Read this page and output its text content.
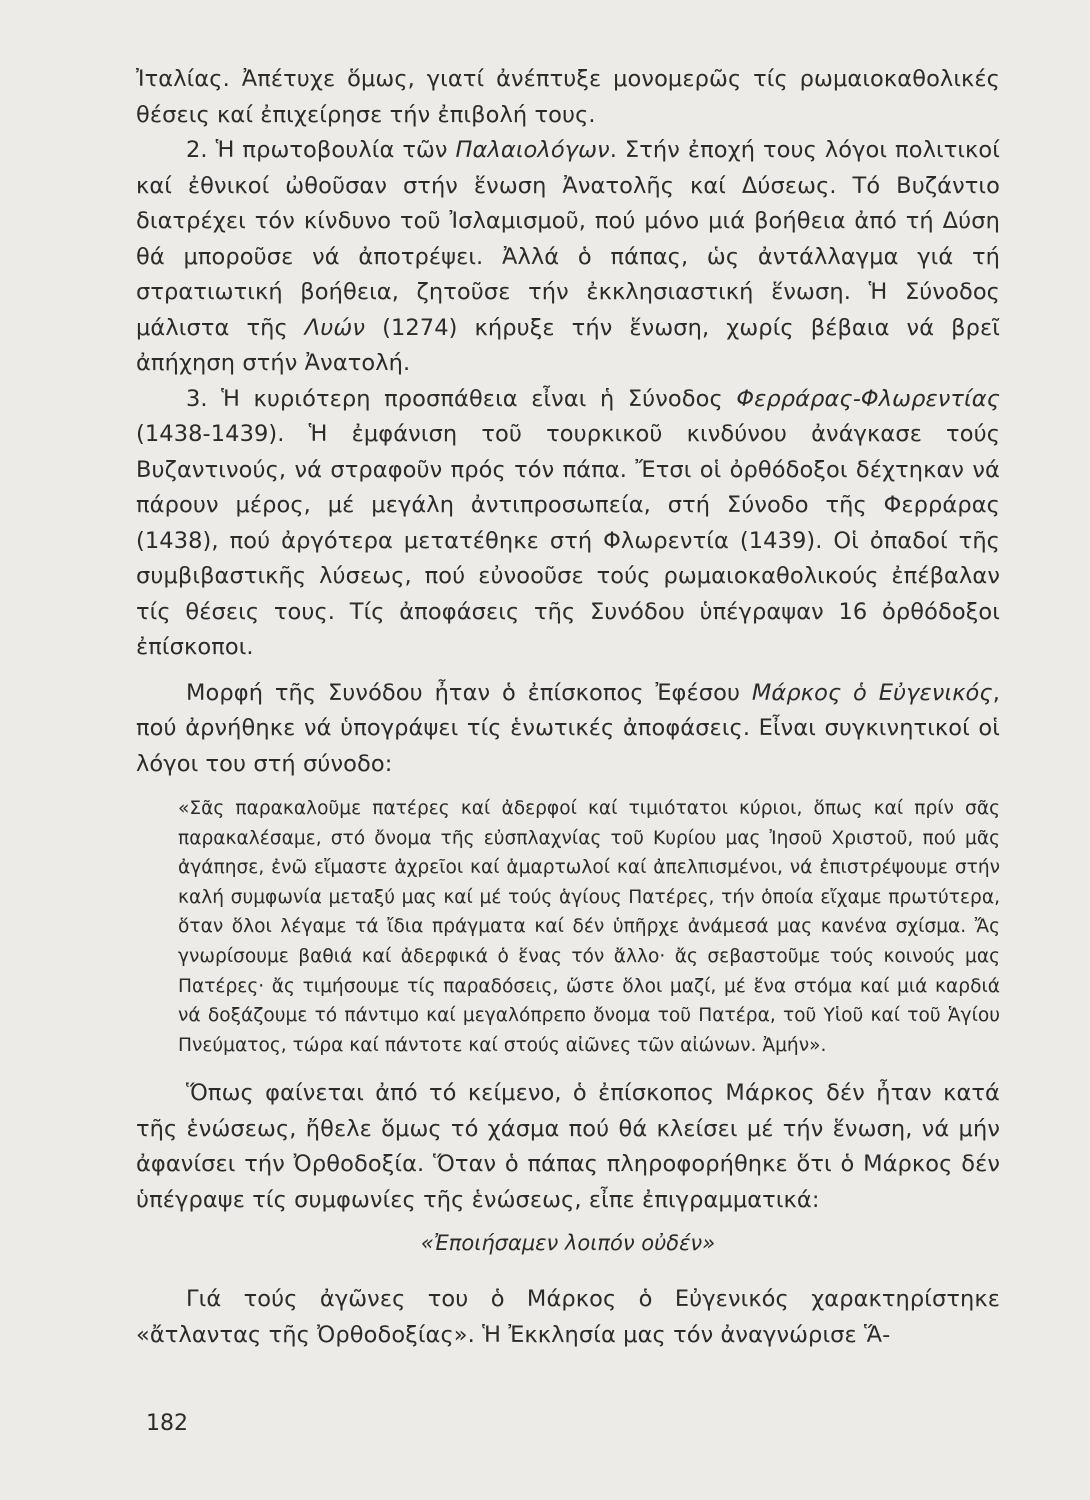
Ἰταλίας. Ἀπέτυχε ὅμως, γιατί ἀνέπτυξε μονομερῶς τίς ρωμαιοκαθολικές θέσεις καί ἐπιχείρησε τήν ἐπιβολή τους.

2. Ἡ πρωτοβουλία τῶν Παλαιολόγων. Στήν ἐποχή τους λόγοι πολιτικοί καί ἐθνικοί ὠθοῦσαν στήν ἕνωση Ἀνατολῆς καί Δύσεως. Τό Βυζάντιο διατρέχει τόν κίνδυνο τοῦ Ἰσλαμισμοῦ, πού μόνο μιά βοήθεια ἀπό τή Δύση θά μποροῦσε νά ἀποτρέψει. Ἀλλά ὁ πάπας, ὡς ἀντάλλαγμα γιά τή στρατιωτική βοήθεια, ζητοῦσε τήν ἐκκλησιαστική ἕνωση. Ἡ Σύνοδος μάλιστα τῆς Λυών (1274) κήρυξε τήν ἕνωση, χωρίς βέβαια νά βρεῖ ἀπήχηση στήν Ἀνατολή.

3. Ἡ κυριότερη προσπάθεια εἶναι ἡ Σύνοδος Φερράρας-Φλωρεντίας (1438-1439). Ἡ ἐμφάνιση τοῦ τουρκικοῦ κινδύνου ἀνάγκασε τούς Βυζαντινούς, νά στραφοῦν πρός τόν πάπα. Ἔτσι οἱ ὀρθόδοξοι δέχτηκαν νά πάρουν μέρος, μέ μεγάλη ἀντιπροσωπεία, στή Σύνοδο τῆς Φερράρας (1438), πού ἀργότερα μετατέθηκε στή Φλωρεντία (1439). Οἱ ὀπαδοί τῆς συμβιβαστικῆς λύσεως, πού εὐνοοῦσε τούς ρωμαιοκαθολικούς ἐπέβαλαν τίς θέσεις τους. Τίς ἀποφάσεις τῆς Συνόδου ὑπέγραψαν 16 ὀρθόδοξοι ἐπίσκοποι.

Μορφή τῆς Συνόδου ἦταν ὁ ἐπίσκοπος Ἐφέσου Μάρκος ὁ Εὐγενικός, πού ἀρνήθηκε νά ὑπογράψει τίς ἑνωτικές ἀποφάσεις. Εἶναι συγκινητικοί οἱ λόγοι του στή σύνοδο:

«Σᾶς παρακαλοῦμε πατέρες καί ἀδερφοί καί τιμιότατοι κύριοι, ὅπως καί πρίν σᾶς παρακαλέσαμε, στό ὄνομα τῆς εὐσπλαχνίας τοῦ Κυρίου μας Ἰησοῦ Χριστοῦ, πού μᾶς ἀγάπησε, ἐνῶ εἴμαστε ἀχρεῖοι καί ἁμαρτωλοί καί ἀπελπισμένοι, νά ἐπιστρέψουμε στήν καλή συμφωνία μεταξύ μας καί μέ τούς ἁγίους Πατέρες, τήν ὁποία εἴχαμε πρωτύτερα, ὅταν ὅλοι λέγαμε τά ἴδια πράγματα καί δέν ὑπῆρχε ἀνάμεσά μας κανένα σχίσμα. Ἄς γνωρίσουμε βαθιά καί ἀδερφικά ὁ ἕνας τόν ἄλλο· ἄς σεβαστοῦμε τούς κοινούς μας Πατέρες· ἄς τιμήσουμε τίς παραδόσεις, ὥστε ὅλοι μαζί, μέ ἕνα στόμα καί μιά καρδιά νά δοξάζουμε τό πάντιμο καί μεγαλόπρεπο ὄνομα τοῦ Πατέρα, τοῦ Υἱοῦ καί τοῦ Ἁγίου Πνεύματος, τώρα καί πάντοτε καί στούς αἰῶνες τῶν αἰώνων. Ἀμήν».

Ὅπως φαίνεται ἀπό τό κείμενο, ὁ ἐπίσκοπος Μάρκος δέν ἦταν κατά τῆς ἑνώσεως, ἤθελε ὅμως τό χάσμα πού θά κλείσει μέ τήν ἕνωση, νά μήν ἀφανίσει τήν Ὀρθοδοξία. Ὅταν ὁ πάπας πληροφορήθηκε ὅτι ὁ Μάρκος δέν ὑπέγραψε τίς συμφωνίες τῆς ἑνώσεως, εἶπε ἐπιγραμματικά:

«Ἐποιήσαμεν λοιπόν οὐδέν»

Γιά τούς ἀγῶνες του ὁ Μάρκος ὁ Εὐγενικός χαρακτηρίστηκε «ἄτλαντας τῆς Ὀρθοδοξίας». Ἡ Ἐκκλησία μας τόν ἀναγνώρισε Ἅ-

182
